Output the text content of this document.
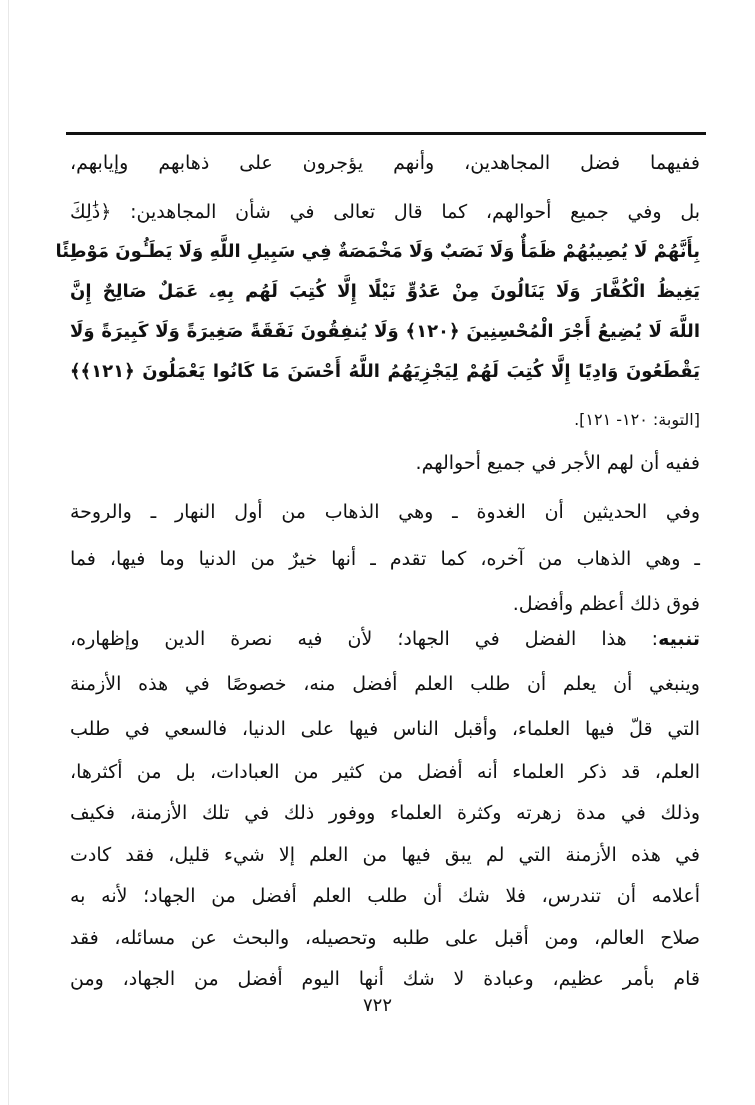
ففيهما فضل المجاهدين، وأنهم يؤجرون على ذهابهم وإيابهم،
بل وفي جميع أحوالهم، كما قال تعالى في شأن المجاهدين: ﴿ذَٰلِكَ
بِأَنَّهُمْ لَا يُصِيبُهُمْ ظَمَأٌ وَلَا نَصَبٌ وَلَا مَخْمَصَةٌ فِي سَبِيلِ اللَّهِ وَلَا يَطَـُٔونَ مَوْطِئًا
يَغِيظُ الْكُفَّارَ وَلَا يَنَالُونَ مِنْ عَدُوٍّ نَيْلًا إِلَّا كُتِبَ لَهُم بِهِۦ عَمَلٌ صَالِحٌ إِنَّ
اللَّهَ لَا يُضِيعُ أَجْرَ الْمُحْسِنِينَ ﴿١٢٠﴾ وَلَا يُنفِقُونَ نَفَقَةً صَغِيرَةً وَلَا كَبِيرَةً وَلَا
يَقْطَعُونَ وَادِيًا إِلَّا كُتِبَ لَهُمْ لِيَجْزِيَهُمُ اللَّهُ أَحْسَنَ مَا كَانُوا يَعْمَلُونَ ﴿١٢١﴾﴾
[التوبة: ١٢٠- ١٢١].
ففيه أن لهم الأجر في جميع أحوالهم.
وفي الحديثين أن الغدوة ـ وهي الذهاب من أول النهار ـ والروحة
ـ وهي الذهاب من آخره، كما تقدم ـ أنها خيرٌ من الدنيا وما فيها، فما
فوق ذلك أعظم وأفضل.
تنبيه: هذا الفضل في الجهاد؛ لأن فيه نصرة الدين وإظهاره،
وينبغي أن يعلم أن طلب العلم أفضل منه، خصوصًا في هذه الأزمنة
التي قلّ فيها العلماء، وأقبل الناس فيها على الدنيا، فالسعي في طلب
العلم، قد ذكر العلماء أنه أفضل من كثير من العبادات، بل من أكثرها،
وذلك في مدة زهرته وكثرة العلماء ووفور ذلك في تلك الأزمنة، فكيف
في هذه الأزمنة التي لم يبق فيها من العلم إلا شيء قليل، فقد كادت
أعلامه أن تندرس، فلا شك أن طلب العلم أفضل من الجهاد؛ لأنه به
صلاح العالم، ومن أقبل على طلبه وتحصيله، والبحث عن مسائله، فقد
قام بأمر عظيم، وعبادة لا شك أنها اليوم أفضل من الجهاد، ومن
٧٢٢
